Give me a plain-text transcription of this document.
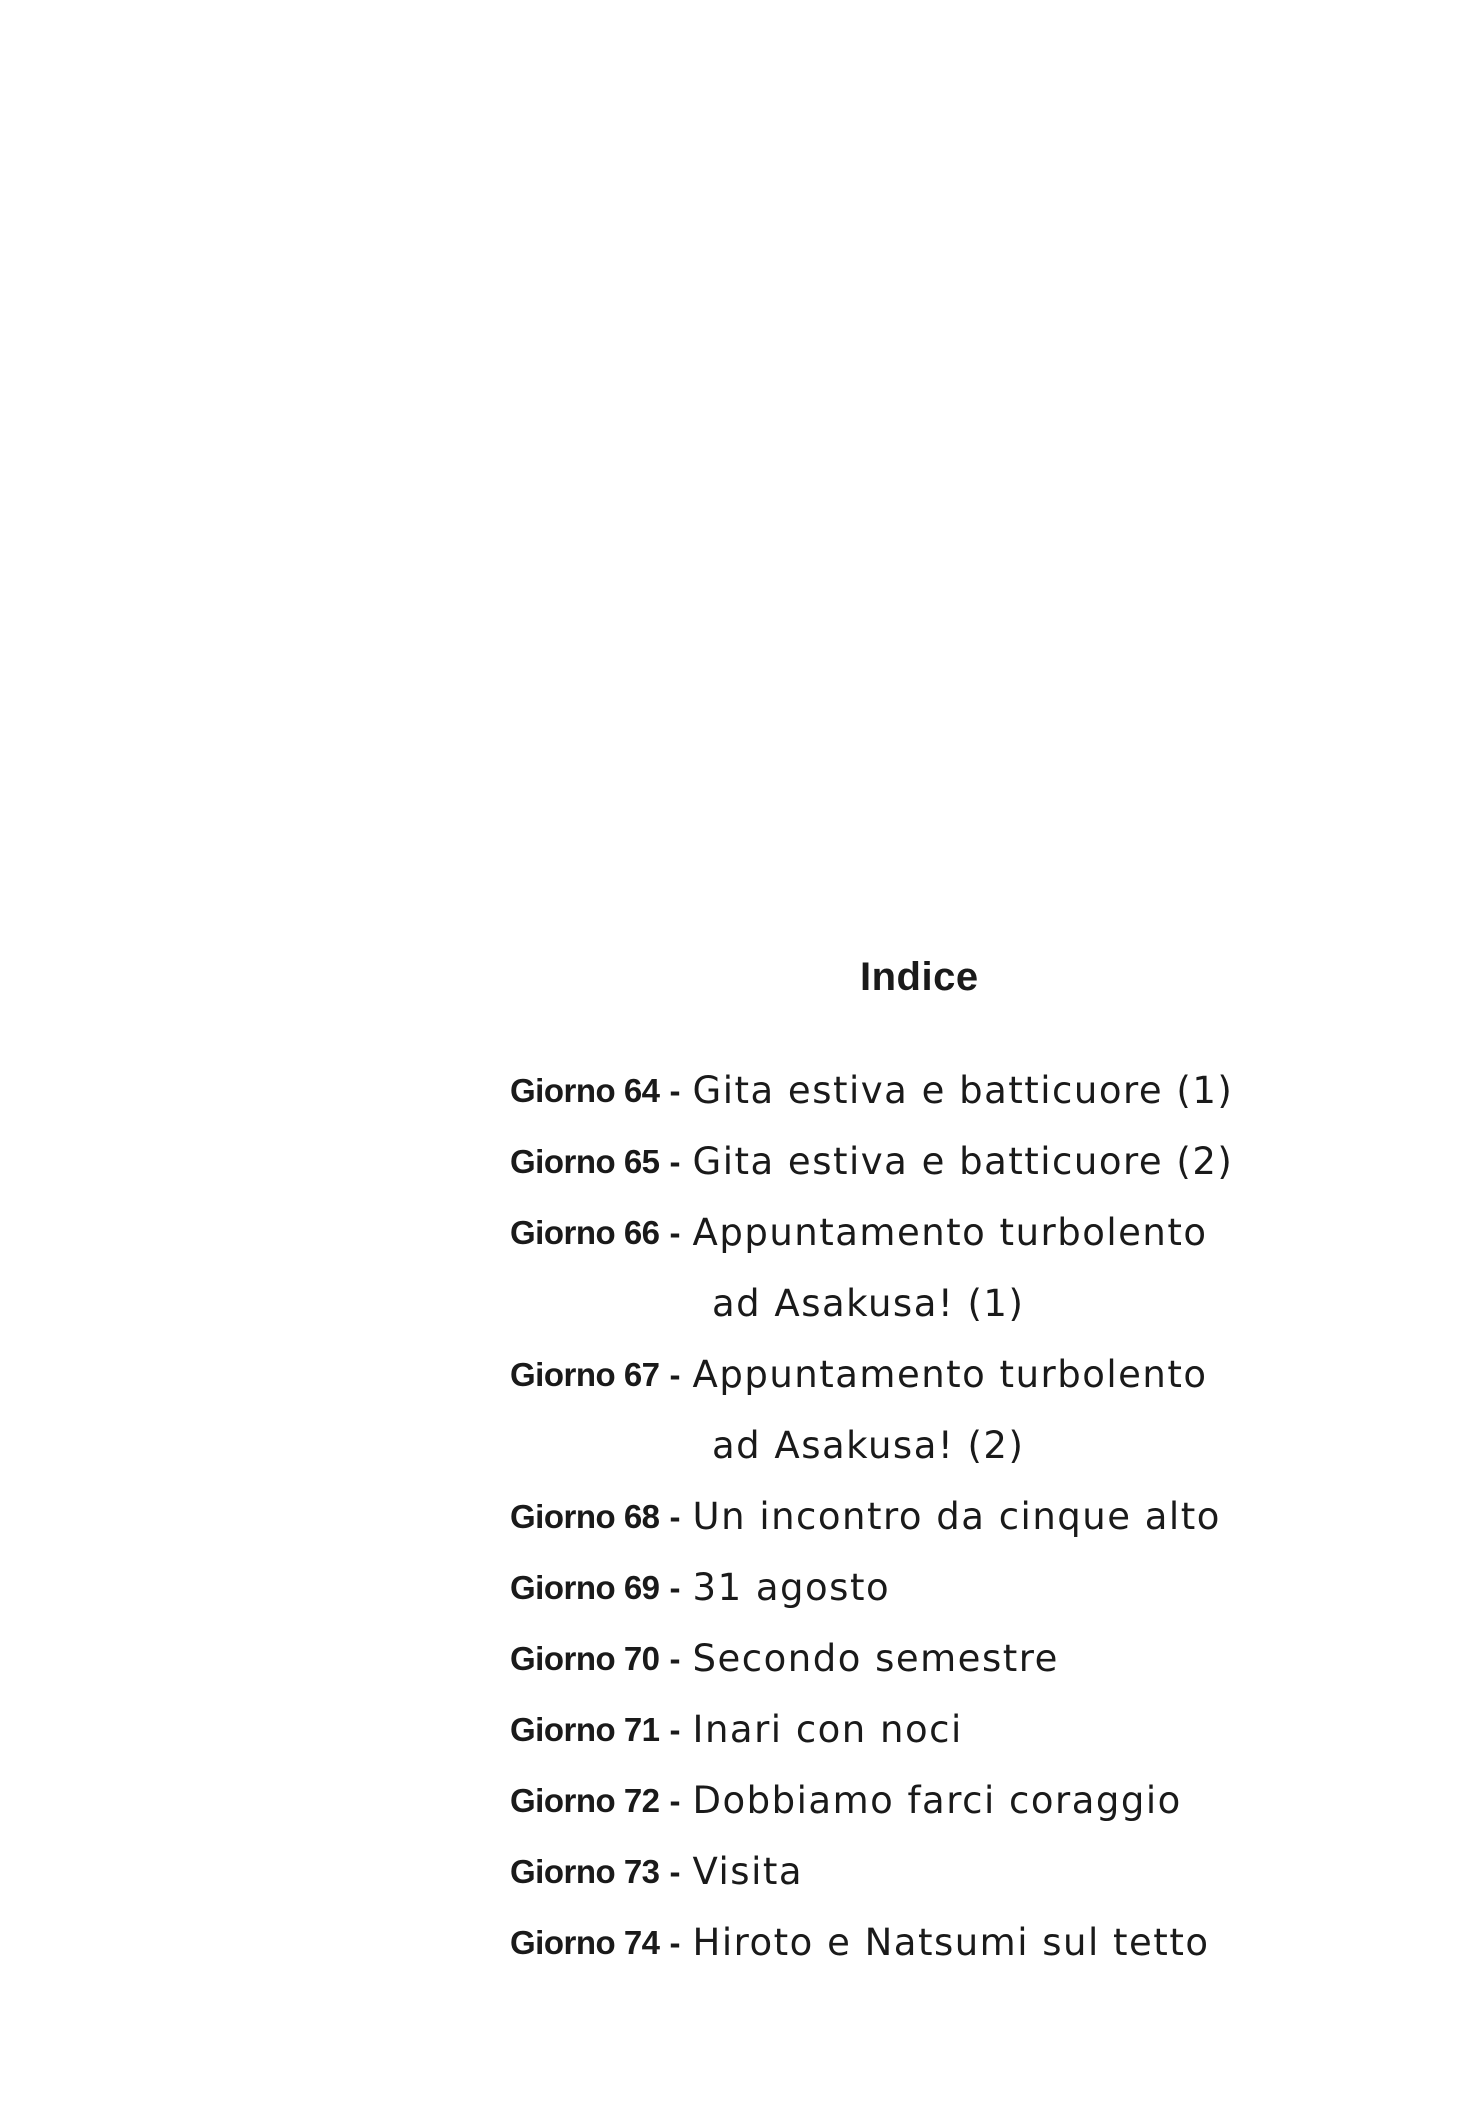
Indice
Giorno 64 - Gita estiva e batticuore (1)
Giorno 65 - Gita estiva e batticuore (2)
Giorno 66 - Appuntamento turbolento
ad Asakusa! (1)
Giorno 67 - Appuntamento turbolento
ad Asakusa! (2)
Giorno 68 - Un incontro da cinque alto
Giorno 69 - 31 agosto
Giorno 70 - Secondo semestre
Giorno 71 - Inari con noci
Giorno 72 - Dobbiamo farci coraggio
Giorno 73 - Visita
Giorno 74 - Hiroto e Natsumi sul tetto
